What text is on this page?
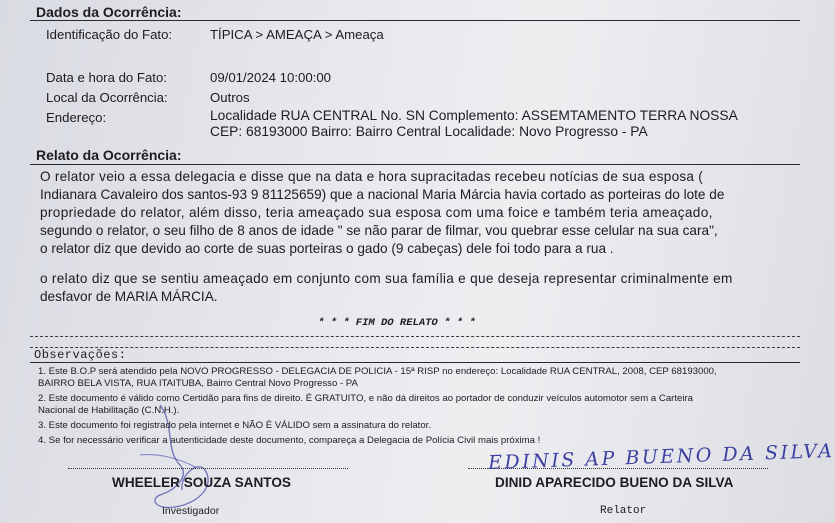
Dados da Ocorrência:
Identificação do Fato:	TÍPICA > AMEAÇA > Ameaça
Data e hora do Fato:	09/01/2024 10:00:00
Local da Ocorrência:	Outros
Endereço:	Localidade RUA CENTRAL No. SN Complemento: ASSEMTAMENTO TERRA NOSSA
CEP: 68193000 Bairro: Bairro Central Localidade: Novo Progresso - PA
Relato da Ocorrência:
O relator veio a essa delegacia e disse que na data e hora supracitadas recebeu notícias de sua esposa (
Indianara Cavaleiro dos santos-93 9 81125659) que a nacional Maria Márcia havia cortado as porteiras do lote de
propriedade do relator, além disso, teria ameaçado sua esposa com uma foice e também teria ameaçado,
segundo o relator, o seu filho de 8 anos de idade " se não parar de filmar, vou quebrar esse celular na sua cara",
o relator diz que devido ao corte de suas porteiras o gado (9 cabeças) dele foi todo para a rua .
o relato diz que se sentiu ameaçado em conjunto com sua família e que deseja representar criminalmente em
desfavor de MARIA MÁRCIA.
* * * FIM DO RELATO * * *
Observações:
1. Este B.O.P será atendido pela NOVO PROGRESSO - DELEGACIA DE POLICIA - 15ª RISP no endereço: Localidade RUA CENTRAL, 2008, CEP 68193000,
BAIRRO BELA VISTA, RUA ITAITUBA, Bairro Central Novo Progresso - PA
2. Este documento é válido como Certidão para fins de direito. É GRATUITO, e não dá direitos ao portador de conduzir veículos automotor sem a Carteira
Nacional de Habilitação (C.N.H.).
3. Este documento foi registrado pela internet e NÃO É VÁLIDO sem a assinatura do relator.
4. Se for necessário verificar a autenticidade deste documento, compareça a Delegacia de Polícia Civil mais próxima !
EDINIS AP BUENO DA SILVA
WHEELER SOUZA SANTOS	DINID APARECIDO BUENO DA SILVA
Investigador	Relator
